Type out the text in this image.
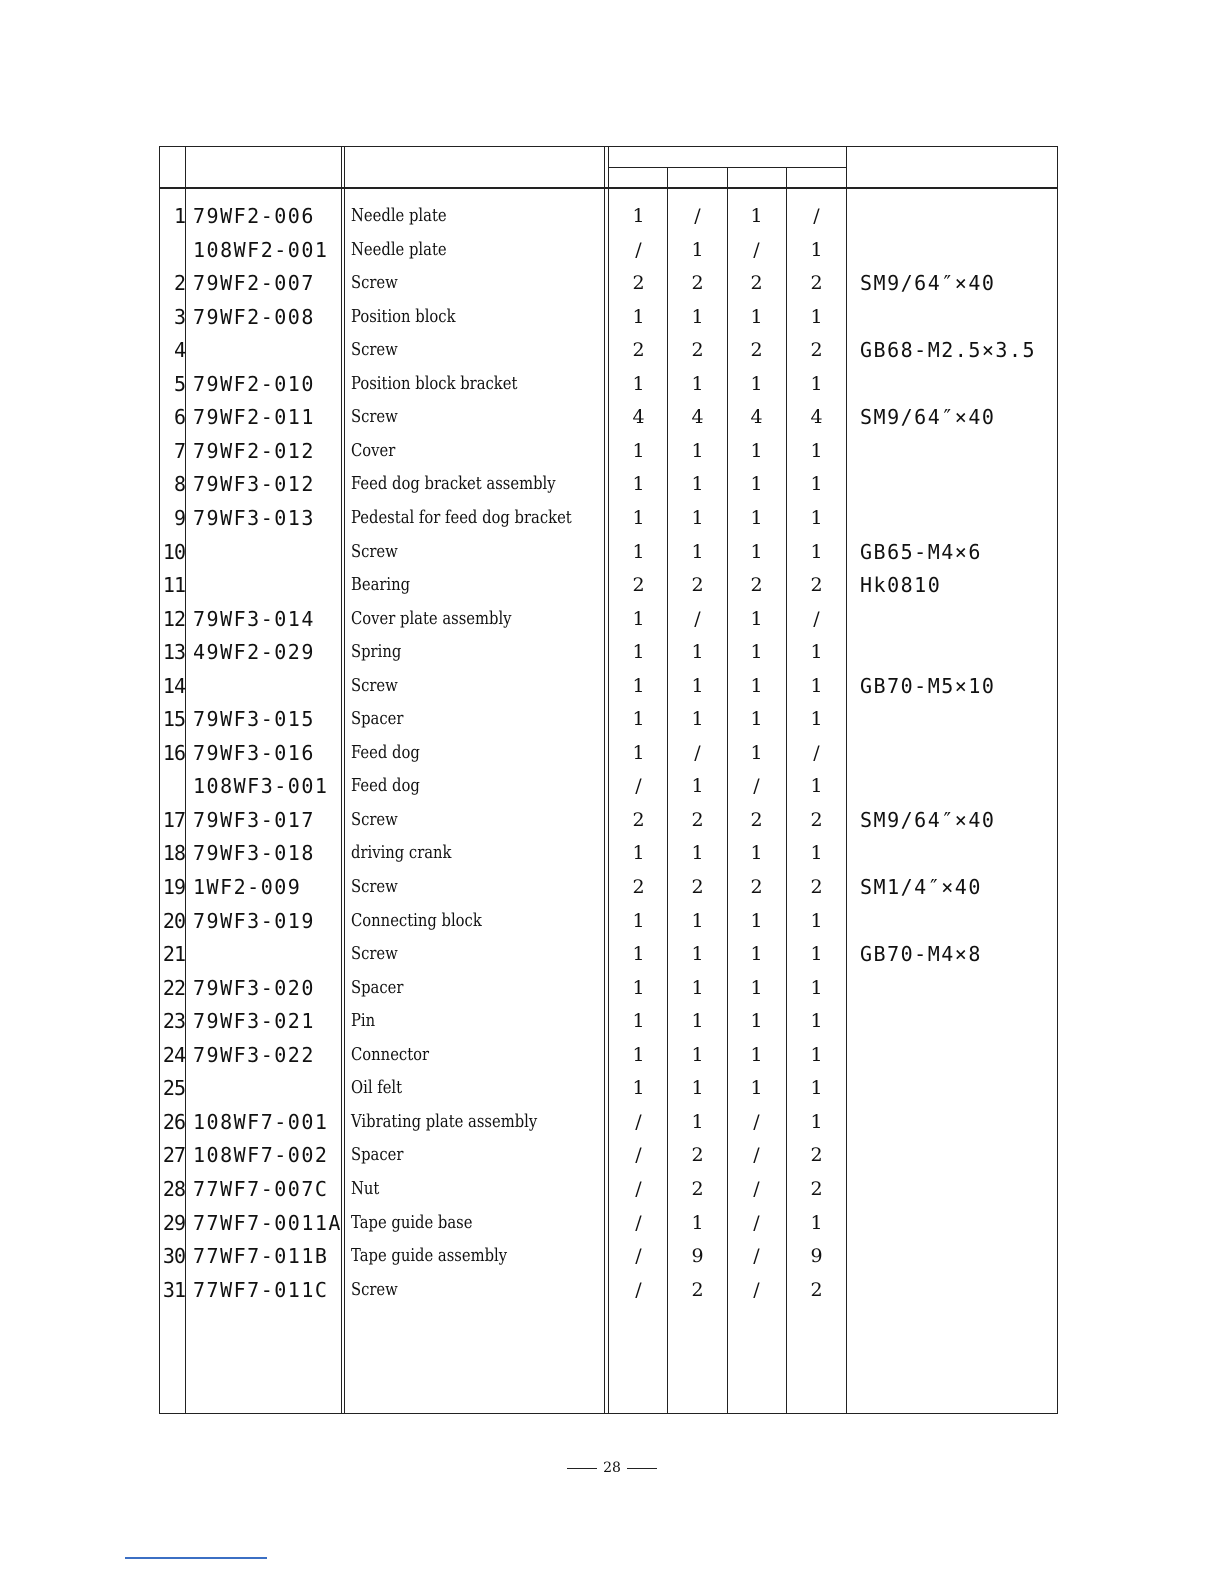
1 79WF2-006 Needle plate	1	/	1	/
108WF2-001 Needle plate	/	1	/	1
2 79WF2-007 Screw	2	2	2	2	SM9/64″×40
3 79WF2-008 Position block	1	1	1	1
4	Screw	2	2	2	2	GB68-M2.5×3.5
5 79WF2-010 Position block bracket	1	1	1	1
6 79WF2-011 Screw	4	4	4	4	SM9/64″×40
7 79WF2-012 Cover	1	1	1	1
8 79WF3-012 Feed dog bracket assembly	1	1	1	1
9 79WF3-013 Pedestal for feed dog bracket	1	1	1	1
10	Screw	1	1	1	1	GB65-M4×6
11	Bearing	2	2	2	2	Hk0810
12 79WF3-014 Cover plate assembly	1	/	1	/
13 49WF2-029 Spring	1	1	1	1
14	Screw	1	1	1	1	GB70-M5×10
15 79WF3-015 Spacer	1	1	1	1
16 79WF3-016 Feed dog	1	/	1	/
108WF3-001 Feed dog	/	1	/	1
17 79WF3-017 Screw	2	2	2	2	SM9/64″×40
18 79WF3-018 driving crank	1	1	1	1
19 1WF2-009	Screw	2	2	2	2	SM1/4″×40
20 79WF3-019 Connecting block	1	1	1	1
21	Screw	1	1	1	1	GB70-M4×8
22 79WF3-020 Spacer	1	1	1	1
23 79WF3-021 Pin	1	1	1	1
24 79WF3-022 Connector	1	1	1	1
25	Oil felt	1	1	1	1
26 108WF7-001 Vibrating plate assembly	/	1	/	1
27 108WF7-002 Spacer	/	2	/	2
28 77WF7-007C Nut	/	2	/	2
29 77WF7-0011A Tape guide base	/	1	/	1
30 77WF7-011B Tape guide assembly	/	9	/	9
31 77WF7-011C Screw	/	2	/	2
28
